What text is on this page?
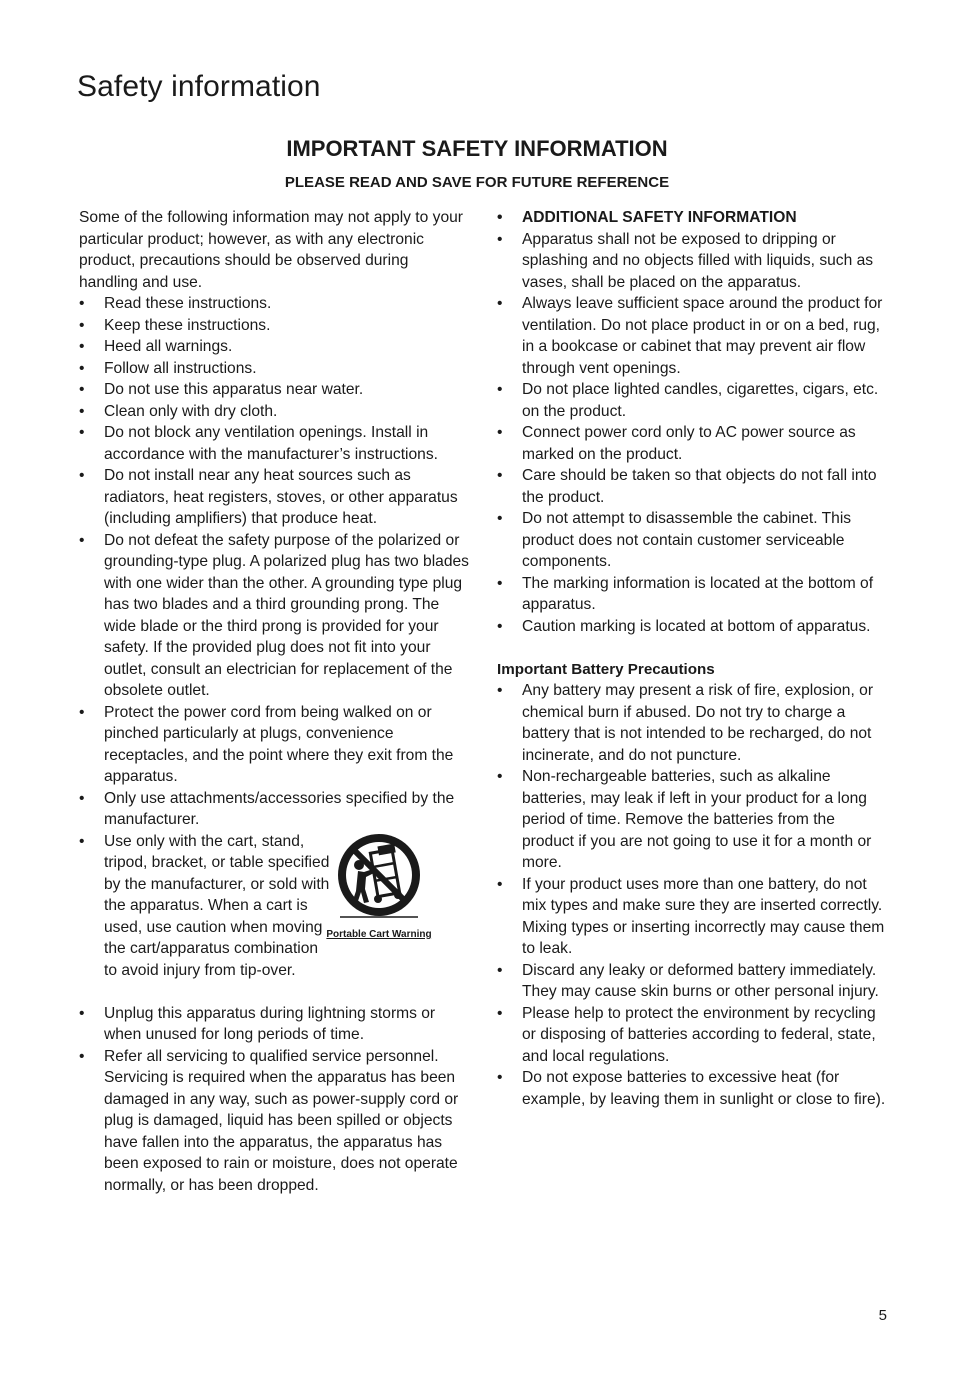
Safety information
IMPORTANT SAFETY INFORMATION
PLEASE READ AND SAVE FOR FUTURE REFERENCE

Some of the following information may not apply to your particular product; however, as with any electronic product, precautions should be observed during handling and use.

• Read these instructions.
• Keep these instructions.
• Heed all warnings.
• Follow all instructions.
• Do not use this apparatus near water.
• Clean only with dry cloth.
• Do not block any ventilation openings. Install in accordance with the manufacturer’s instructions.
• Do not install near any heat sources such as radiators, heat registers, stoves, or other apparatus (including amplifiers) that produce heat.
• Do not defeat the safety purpose of the polarized or grounding-type plug. A polarized plug has two blades with one wider than the other. A grounding type plug has two blades and a third grounding prong. The wide blade or the third prong is provided for your safety. If the provided plug does not fit into your outlet, consult an electrician for replacement of the obsolete outlet.
• Protect the power cord from being walked on or pinched particularly at plugs, convenience receptacles, and the point where they exit from the apparatus.
• Only use attachments/accessories specified by the manufacturer.
• Use only with the cart, stand, tripod, bracket, or table specified by the manufacturer, or sold with the apparatus. When a cart is used, use caution when moving the cart/apparatus combination to avoid injury from tip-over.
Portable Cart Warning
• Unplug this apparatus during lightning storms or when unused for long periods of time.
• Refer all servicing to qualified service personnel. Servicing is required when the apparatus has been damaged in any way, such as power-supply cord or plug is damaged, liquid has been spilled or objects have fallen into the apparatus, the apparatus has been exposed to rain or moisture, does not operate normally, or has been dropped.
• ADDITIONAL SAFETY INFORMATION
• Apparatus shall not be exposed to dripping or splashing and no objects filled with liquids, such as vases, shall be placed on the apparatus.
• Always leave sufficient space around the product for ventilation. Do not place product in or on a bed, rug, in a bookcase or cabinet that may prevent air flow through vent openings.
• Do not place lighted candles, cigarettes, cigars, etc. on the product.
• Connect power cord only to AC power source as marked on the product.
• Care should be taken so that objects do not fall into the product.
• Do not attempt to disassemble the cabinet. This product does not contain customer serviceable components.
• The marking information is located at the bottom of apparatus.
• Caution marking is located at bottom of apparatus.

Important Battery Precautions

• Any battery may present a risk of fire, explosion, or chemical burn if abused. Do not try to charge a battery that is not intended to be recharged, do not incinerate, and do not puncture.
• Non-rechargeable batteries, such as alkaline batteries, may leak if left in your product for a long period of time. Remove the batteries from the product if you are not going to use it for a month or more.
• If your product uses more than one battery, do not mix types and make sure they are inserted correctly. Mixing types or inserting incorrectly may cause them to leak.
• Discard any leaky or deformed battery immediately. They may cause skin burns or other personal injury.
• Please help to protect the environment by recycling or disposing of batteries according to federal, state, and local regulations.
• Do not expose batteries to excessive heat (for example, by leaving them in sunlight or close to fire).
5
